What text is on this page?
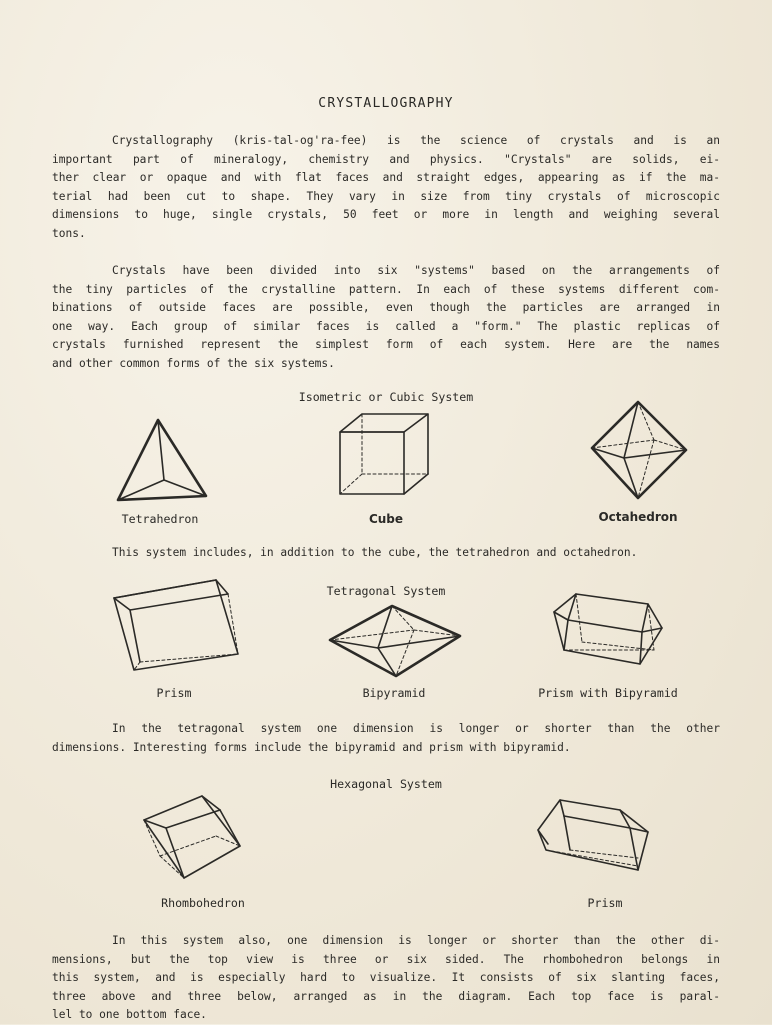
CRYSTALLOGRAPHY
Crystallography (kris-tal-og'ra-fee) is the science of crystals and is an
important part of mineralogy, chemistry and physics. "Crystals" are solids, ei-
ther clear or opaque and with flat faces and straight edges, appearing as if the ma-
terial had been cut to shape. They vary in size from tiny crystals of microscopic
dimensions to huge, single crystals, 50 feet or more in length and weighing several
tons.
Crystals have been divided into six "systems" based on the arrangements of
the tiny particles of the crystalline pattern. In each of these systems different com-
binations of outside faces are possible, even though the particles are arranged in
one way. Each group of similar faces is called a "form." The plastic replicas of
crystals furnished represent the simplest form of each system. Here are the names
and other common forms of the six systems.
Isometric or Cubic System
Tetrahedron	Cube	Octahedron
This system includes, in addition to the cube, the tetrahedron and octahedron.
Tetragonal System
Prism	Bipyramid	Prism with Bipyramid
In the tetragonal system one dimension is longer or shorter than the other
dimensions. Interesting forms include the bipyramid and prism with bipyramid.
Hexagonal System
Rhombohedron	Prism
In this system also, one dimension is longer or shorter than the other di-
mensions, but the top view is three or six sided. The rhombohedron belongs in
this system, and is especially hard to visualize. It consists of six slanting faces,
three above and three below, arranged as in the diagram. Each top face is paral-
lel to one bottom face.
